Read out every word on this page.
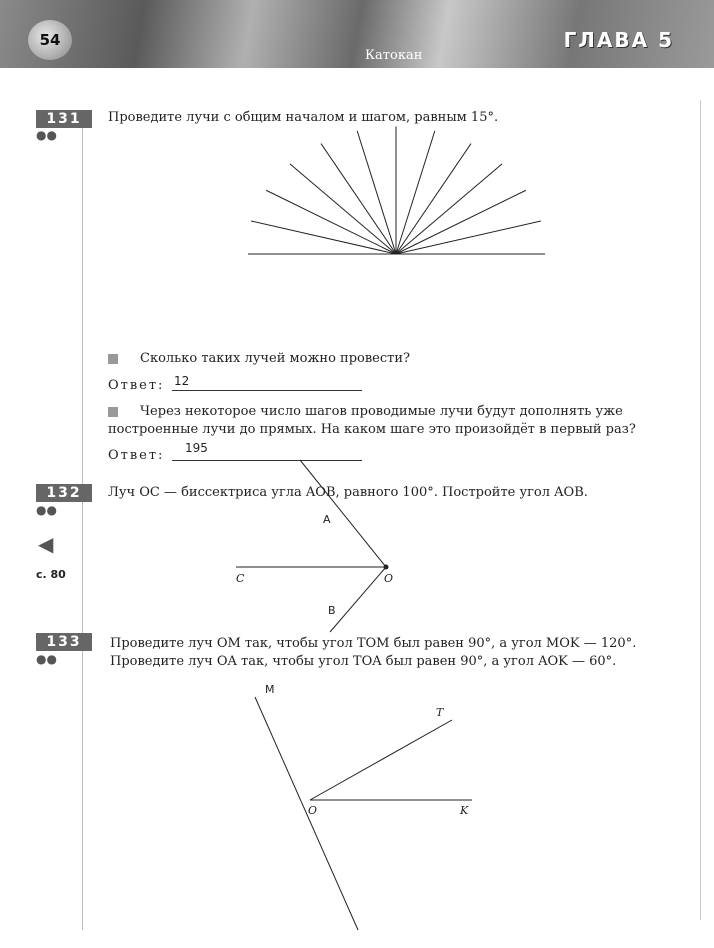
54
Катокан
ГЛАВА 5
131
●●
Проведите лучи с общим началом и шагом, равным 15°.
Сколько таких лучей можно провести?
Ответ: 12
Через некоторое число шагов проводимые лучи будут дополнять уже
построенные лучи до прямых. На каком шаге это произойдёт в первый раз?
Ответ: 195
132
●●
◀
с. 80
Луч OC — биссектриса угла AOB, равного 100°. Постройте угол AOB.
133
●●
Проведите луч OM так, чтобы угол TOM был равен 90°, а угол MOK — 120°.
Проведите луч OA так, чтобы угол TOA был равен 90°, а угол AOK — 60°.
A
B
C	O
M
T
K
O
